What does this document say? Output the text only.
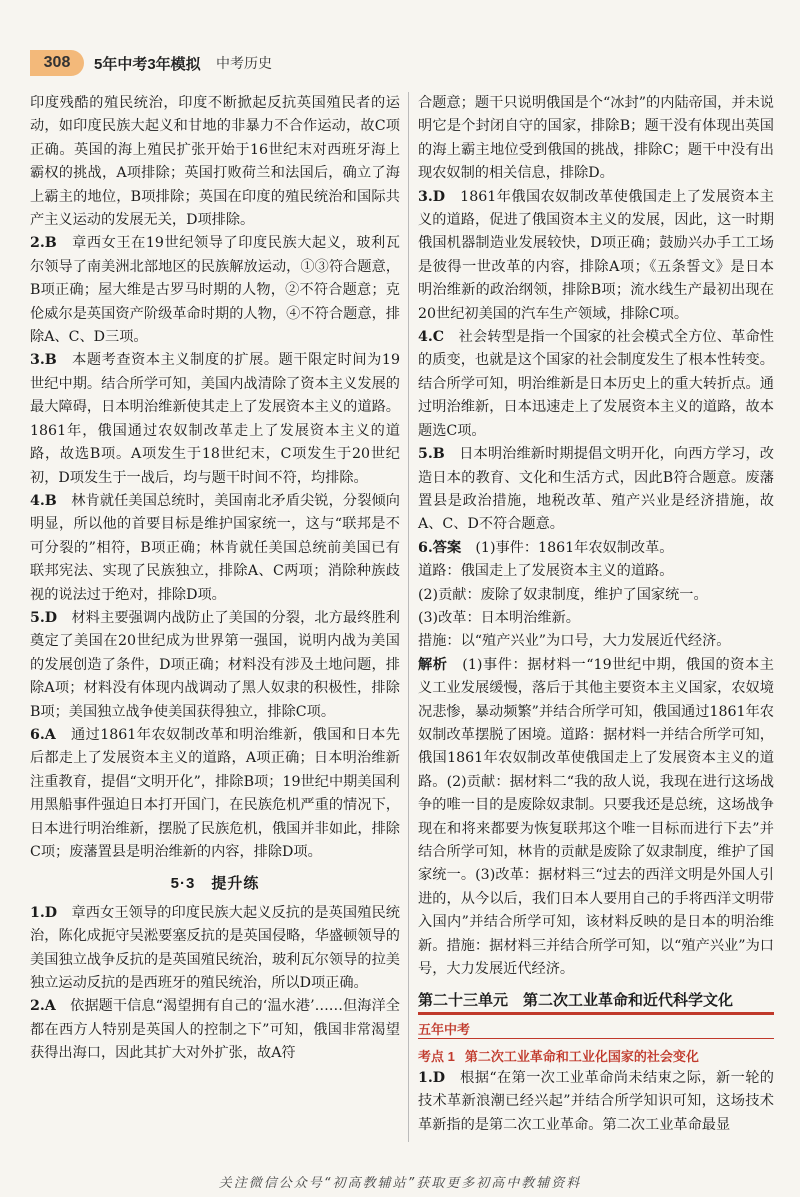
308	5年中考3年模拟 中考历史
印度残酷的殖民统治，印度不断掀起反抗英国殖民者的运动，如印度民族大起义和甘地的非暴力不合作运动，故C项正确。英国的海上殖民扩张开始于16世纪末对西班牙海上霸权的挑战，A项排除；英国打败荷兰和法国后，确立了海上霸主的地位，B项排除；英国在印度的殖民统治和国际共产主义运动的发展无关，D项排除。
2.B　 章西女王在19世纪领导了印度民族大起义，玻利瓦尔领导了南美洲北部地区的民族解放运动，①③符合题意，B项正确；屋大维是古罗马时期的人物，②不符合题意；克伦威尔是英国资产阶级革命时期的人物，④不符合题意，排除A、C、D三项。
3.B　 本题考查资本主义制度的扩展。题干限定时间为19世纪中期。结合所学可知，美国内战清除了资本主义发展的最大障碍，日本明治维新使其走上了发展资本主义的道路。1861年，俄国通过农奴制改革走上了发展资本主义的道路，故选B项。A项发生于18世纪末，C项发生于20世纪初，D项发生于一战后，均与题干时间不符，均排除。
4.B　 林肯就任美国总统时，美国南北矛盾尖锐，分裂倾向明显，所以他的首要目标是维护国家统一，这与“联邦是不可分裂的”相符，B项正确；林肯就任美国总统前美国已有联邦宪法、实现了民族独立，排除A、C两项；消除种族歧视的说法过于绝对，排除D项。
5.D　 材料主要强调内战防止了美国的分裂，北方最终胜利奠定了美国在20世纪成为世界第一强国，说明内战为美国的发展创造了条件，D项正确；材料没有涉及土地问题，排除A项；材料没有体现内战调动了黑人奴隶的积极性，排除B项；美国独立战争使美国获得独立，排除C项。
6.A　 通过1861年农奴制改革和明治维新，俄国和日本先后都走上了发展资本主义的道路，A项正确；日本明治维新注重教育，提倡“文明开化”，排除B项；19世纪中期美国利用黑船事件强迫日本打开国门，在民族危机严重的情况下，日本进行明治维新，摆脱了民族危机，俄国并非如此，排除C项；废藩置县是明治维新的内容，排除D项。
5·3　提升练
1.D　 章西女王领导的印度民族大起义反抗的是英国殖民统治，陈化成扼守吴淞要塞反抗的是英国侵略，华盛顿领导的美国独立战争反抗的是英国殖民统治，玻利瓦尔领导的拉美独立运动反抗的是西班牙的殖民统治，所以D项正确。
2.A　 依据题干信息“渴望拥有自己的‘温水港’……但海洋全都在西方人特别是英国人的控制之下”可知，俄国非常渴望获得出海口，因此其扩大对外扩张，故A符
合题意；题干只说明俄国是个“冰封”的内陆帝国，并未说明它是个封闭自守的国家，排除B；题干没有体现出英国的海上霸主地位受到俄国的挑战，排除C；题干中没有出现农奴制的相关信息，排除D。
3.D　 1861年俄国农奴制改革使俄国走上了发展资本主义的道路，促进了俄国资本主义的发展，因此，这一时期俄国机器制造业发展较快，D项正确；鼓励兴办手工工场是彼得一世改革的内容，排除A项；《五条誓文》是日本明治维新的政治纲领，排除B项；流水线生产最初出现在20世纪初美国的汽车生产领域，排除C项。
4.C　 社会转型是指一个国家的社会模式全方位、革命性的质变，也就是这个国家的社会制度发生了根本性转变。结合所学可知，明治维新是日本历史上的重大转折点。通过明治维新，日本迅速走上了发展资本主义的道路，故本题选C项。
5.B　 日本明治维新时期提倡文明开化，向西方学习，改造日本的教育、文化和生活方式，因此B符合题意。废藩置县是政治措施，地税改革、殖产兴业是经济措施，故A、C、D不符合题意。
6.答案　 (1)事件：1861年农奴制改革。
道路：俄国走上了发展资本主义的道路。
(2)贡献：废除了奴隶制度，维护了国家统一。
(3)改革：日本明治维新。
措施：以“殖产兴业”为口号，大力发展近代经济。
解析　 (1)事件：据材料一“19世纪中期，俄国的资本主义工业发展缓慢，落后于其他主要资本主义国家，农奴境况悲惨，暴动频繁”并结合所学可知，俄国通过1861年农奴制改革摆脱了困境。道路：据材料一并结合所学可知，俄国1861年农奴制改革使俄国走上了发展资本主义的道路。(2)贡献：据材料二“我的敌人说，我现在进行这场战争的唯一目的是废除奴隶制。只要我还是总统，这场战争现在和将来都要为恢复联邦这个唯一目标而进行下去”并结合所学可知，林肯的贡献是废除了奴隶制度，维护了国家统一。(3)改革：据材料三“过去的西洋文明是外国人引进的，从今以后，我们日本人要用自己的手将西洋文明带入国内”并结合所学可知，该材料反映的是日本的明治维新。措施：据材料三并结合所学可知，以“殖产兴业”为口号，大力发展近代经济。
第二十三单元　第二次工业革命和近代科学文化
五年中考
考点 1 第二次工业革命和工业化国家的社会变化
1.D　 根据“在第一次工业革命尚未结束之际，新一轮的技术革新浪潮已经兴起”并结合所学知识可知，这场技术革新指的是第二次工业革命。第二次工业革命最显
关注微信公众号“初高教辅站”获取更多初高中教辅资料
